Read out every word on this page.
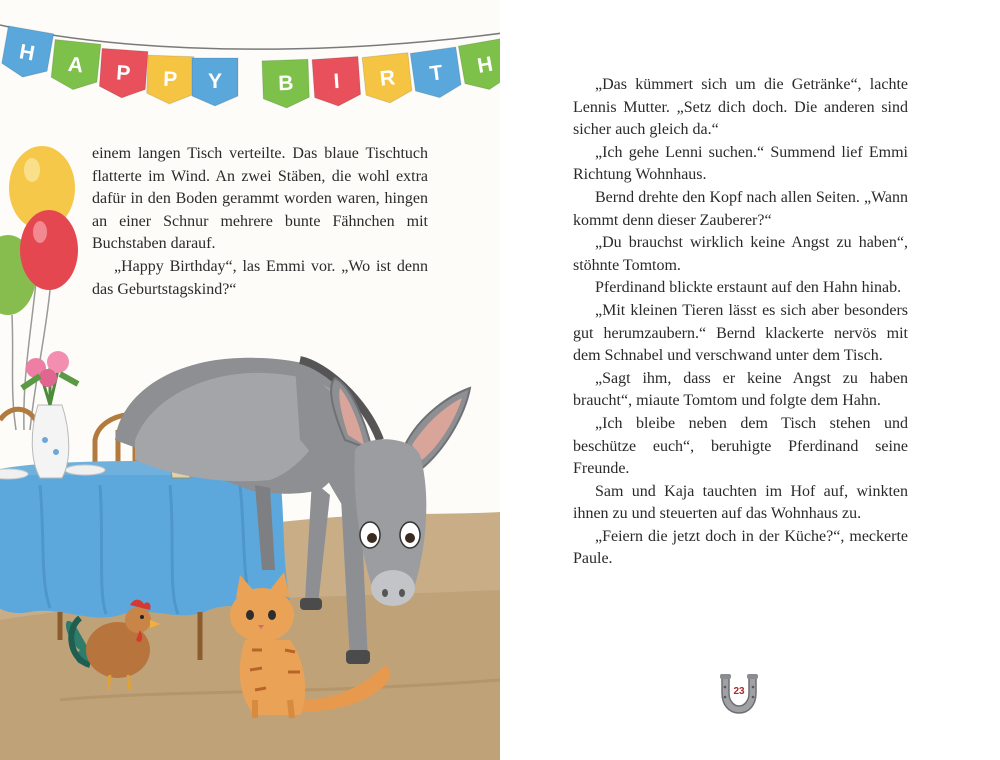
H A P P Y	B I R T H

einem langen Tisch verteilte. Das blaue Tischtuch flatterte im Wind. An zwei Stäben, die wohl extra dafür in den Boden gerammt worden waren, hingen an einer Schnur mehrere bunte Fähnchen mit Buchstaben darauf.

„Happy Birthday“, las Emmi vor. „Wo ist denn das Geburtstagskind?“

„Das kümmert sich um die Getränke“, lachte Lennis Mutter. „Setz dich doch. Die anderen sind sicher auch gleich da.“

„Ich gehe Lenni suchen.“ Summend lief Emmi Richtung Wohnhaus.

Bernd drehte den Kopf nach allen Seiten. „Wann kommt denn dieser Zauberer?“

„Du brauchst wirklich keine Angst zu haben“, stöhnte Tomtom.

Pferdinand blickte erstaunt auf den Hahn hinab.

„Mit kleinen Tieren lässt es sich aber besonders gut herumzaubern.“ Bernd klackerte nervös mit dem Schnabel und verschwand unter dem Tisch.

„Sagt ihm, dass er keine Angst zu haben braucht“, miaute Tomtom und folgte dem Hahn.

„Ich bleibe neben dem Tisch stehen und beschütze euch“, beruhigte Pferdinand seine Freunde.

Sam und Kaja tauchten im Hof auf, winkten ihnen zu und steuerten auf das Wohnhaus zu.

„Feiern die jetzt doch in der Küche?“, meckerte Paule.

23
